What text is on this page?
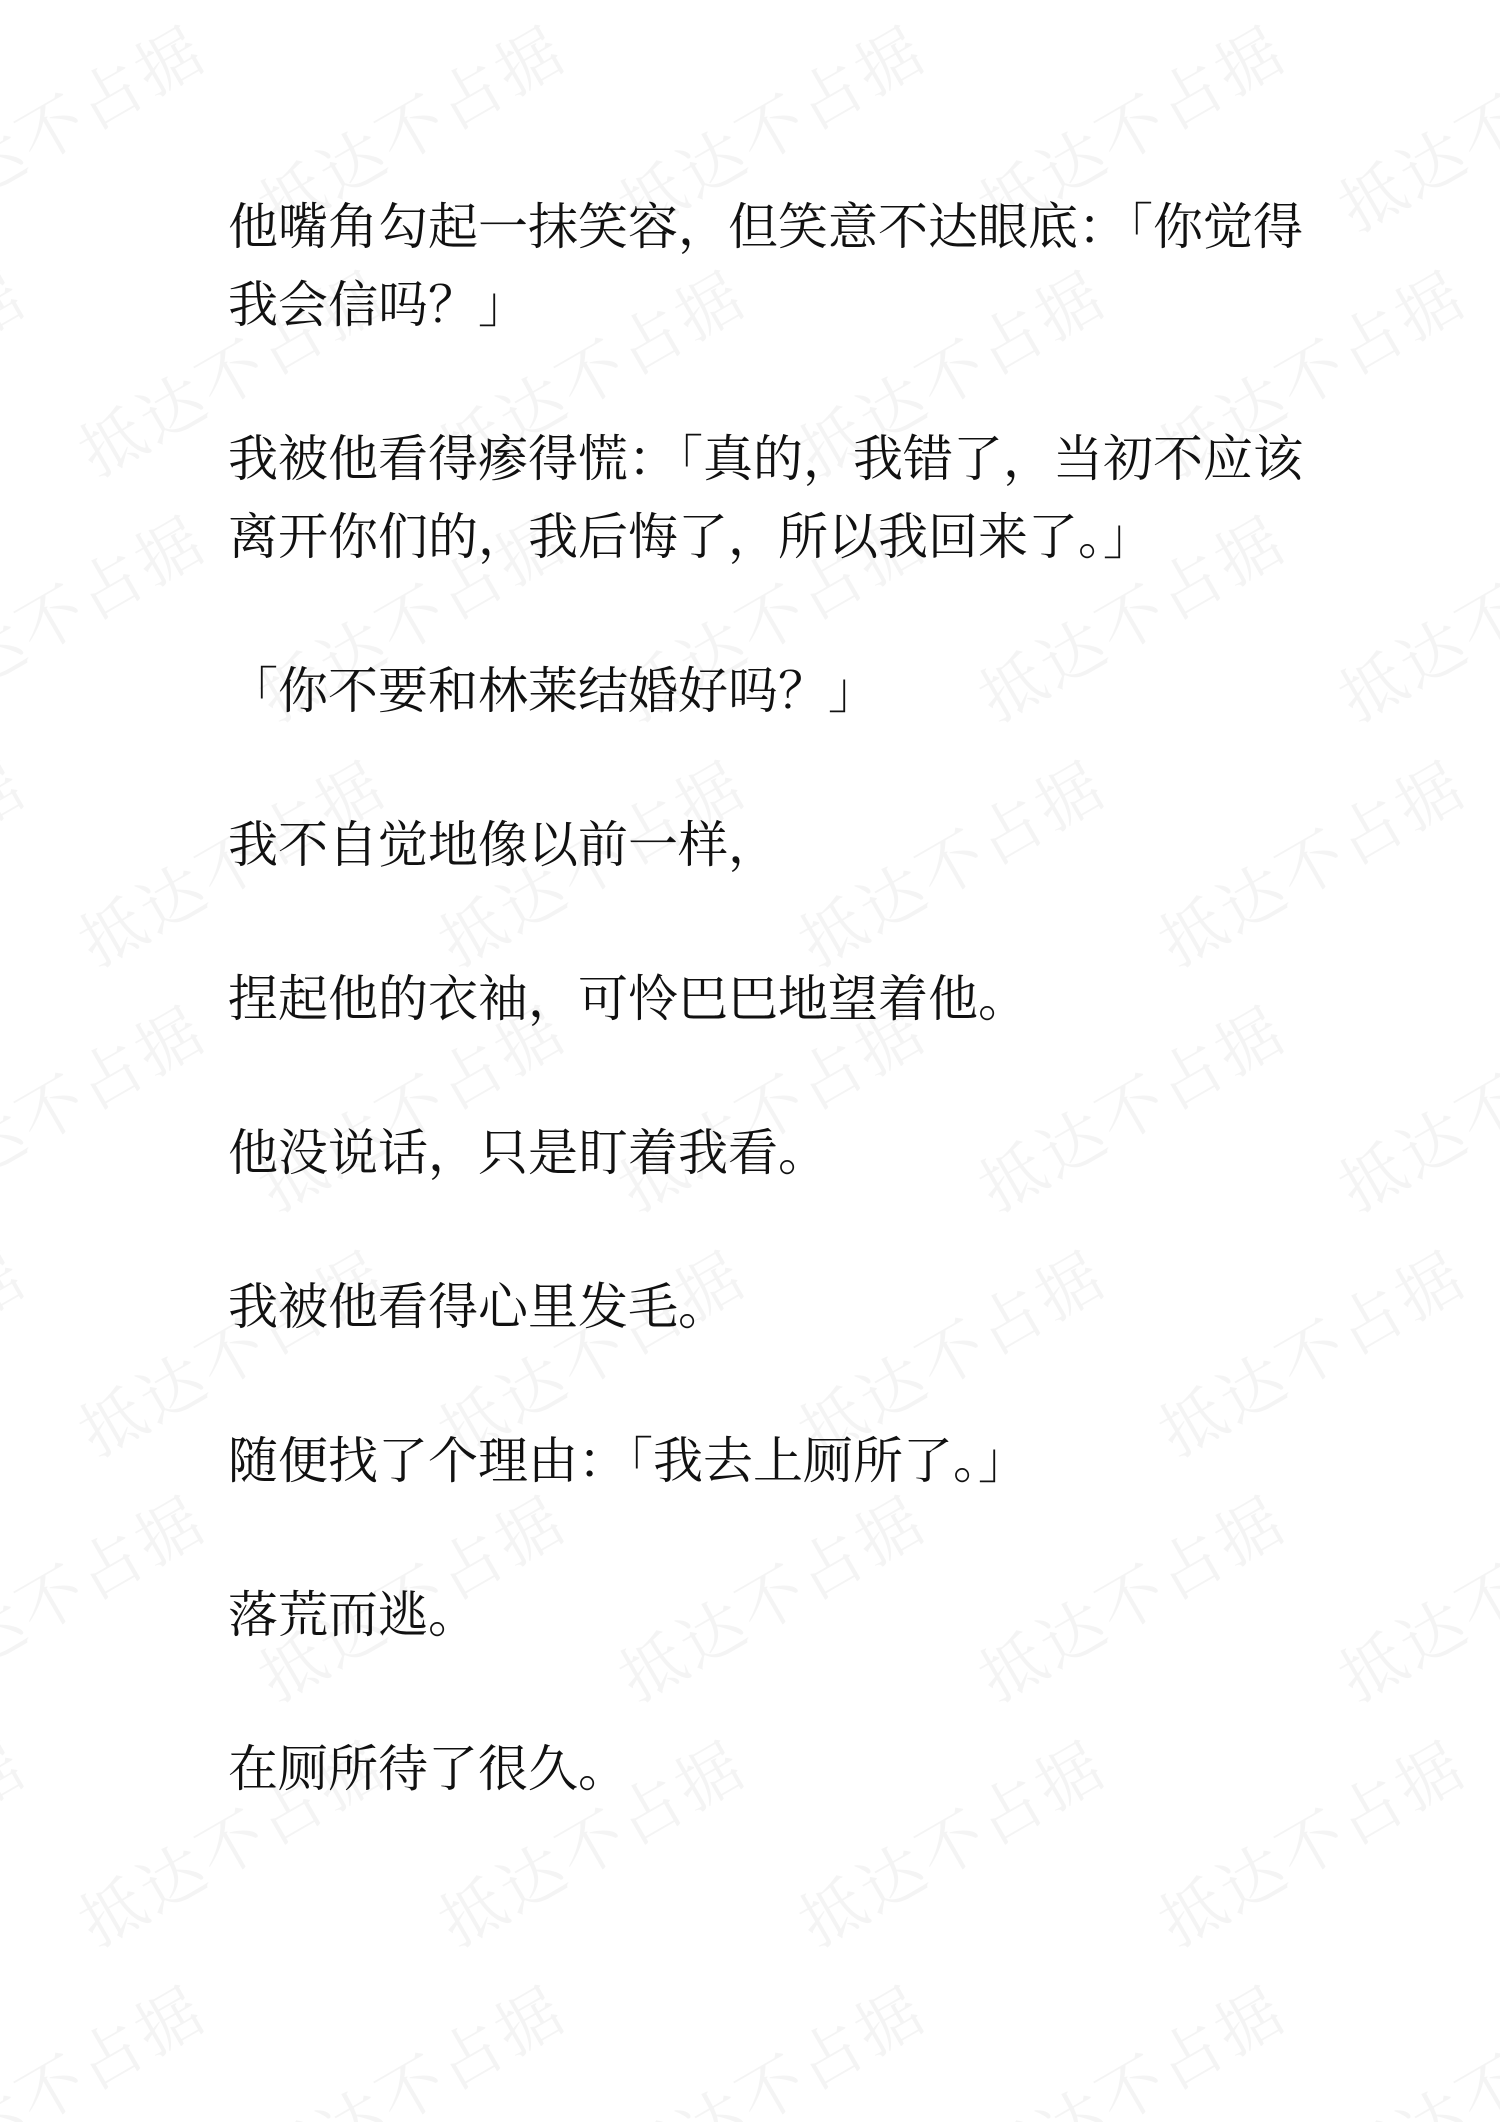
他嘴角勾起一抹笑容，但笑意不达眼底：「你觉得我会信吗？」

我被他看得瘆得慌：「真的，我错了，当初不应该离开你们的，我后悔了，所以我回来了。」

「你不要和林莱结婚好吗？」

我不自觉地像以前一样，

捏起他的衣袖，可怜巴巴地望着他。

他没说话，只是盯着我看。

我被他看得心里发毛。

随便找了个理由：「我去上厕所了。」

落荒而逃。

在厕所待了很久。
